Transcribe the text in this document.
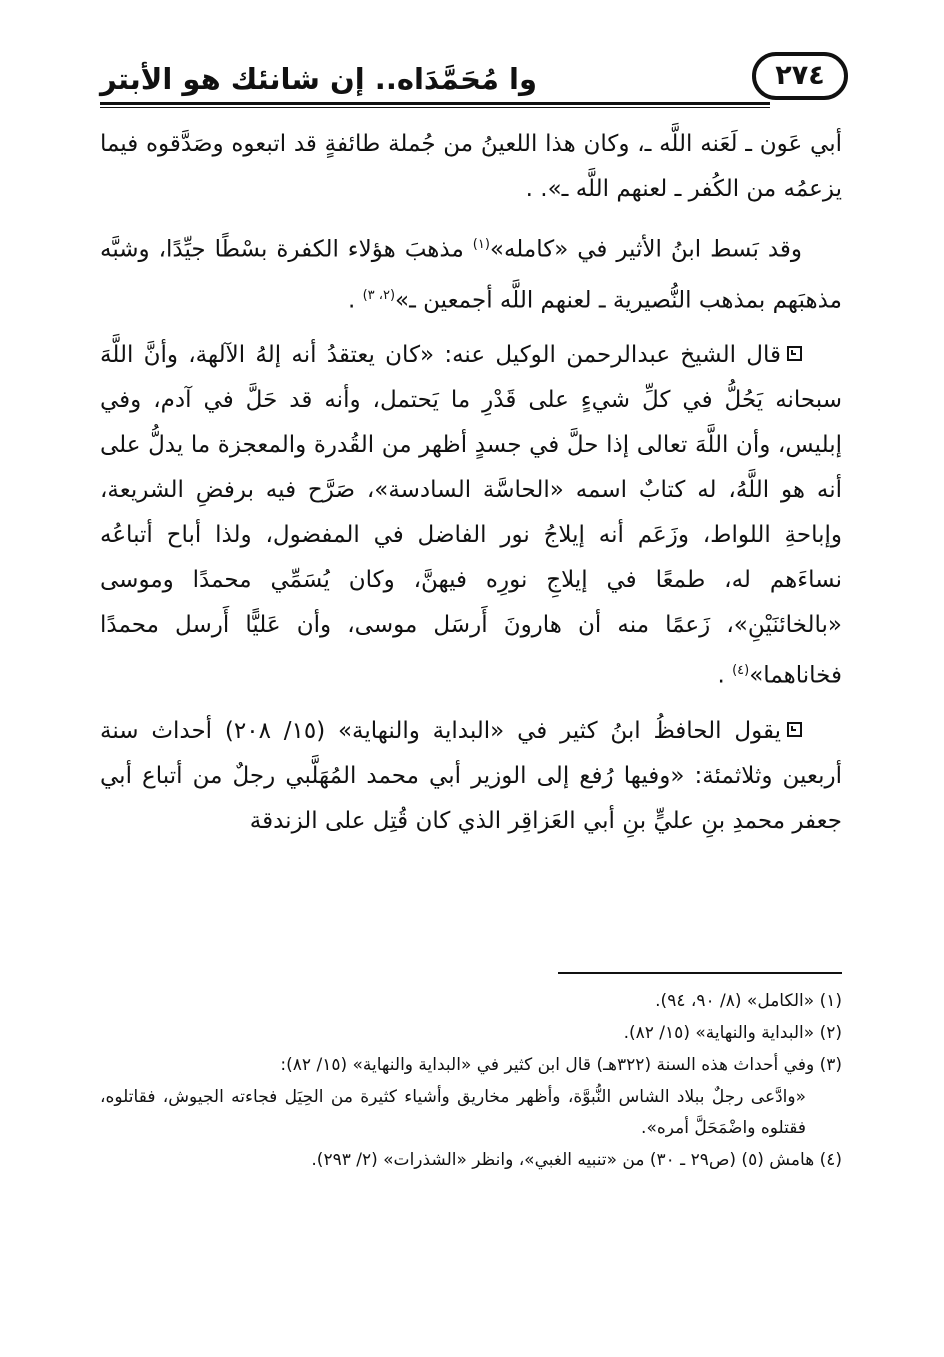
وا مُحَمَّدَاه.. إن شانئك هو الأبتر	٢٧٤

أبي عَون ـ لَعَنه اللَّه ـ، وكان هذا اللعينُ من جُملة طائفةٍ قد اتبعوه وصَدَّقوه فيما يزعمُه من الكُفر ـ لعنهم اللَّه ـ». .

وقد بَسط ابنُ الأثير في «كامله»$^{(١)}$ مذهبَ هؤلاء الكفرة بسْطًا جيِّدًا، وشبَّه مذهبَهم بمذهب النُّصيرية ـ لعنهم اللَّه أجمعين ـ»$^{(٢، ٣)}$ .

قال الشيخ عبدالرحمن الوكيل عنه: «كان يعتقدُ أنه إلهُ الآلهة، وأنَّ اللَّهَ سبحانه يَحُلُّ في كلِّ شيءٍ على قَدْرِ ما يَحتمل، وأنه قد حَلَّ في آدم، وفي إبليس، وأن اللَّهَ تعالى إذا حلَّ في جسدٍ أظهر من القُدرة والمعجزة ما يدلُّ على أنه هو اللَّهُ، له كتابٌ اسمه «الحاسَّة السادسة»، صَرَّح فيه برفضِ الشريعة، وإباحةِ اللواط، وزَعَم أنه إيلاجُ نور الفاضل في المفضول، ولذا أباح أتباعُه نساءَهم له، طمعًا في إيلاجِ نورِه فيهنَّ، وكان يُسَمِّي محمدًا وموسى «بالخائنَيْنِ»، زَعمًا منه أن هارونَ أَرسَل موسى، وأن عَليًّا أَرسل محمدًا فخاناهما»$^{(٤)}$ .

يقول الحافظُ ابنُ كثير في «البداية والنهاية» (١٥/ ٢٠٨) أحداث سنة أربعين وثلاثمئة: «وفيها رُفع إلى الوزير أبي محمد المُهَلَّبي رجلٌ من أتباع أبي جعفر محمدِ بنِ عليٍّ بنِ أبي العَزاقِر الذي كان قُتِل على الزندقة

(١) «الكامل» (٨/ ٩٠، ٩٤).

(٢) «البداية والنهاية» (١٥/ ٨٢).

(٣) وفي أحداث هذه السنة (٣٢٢هـ) قال ابن كثير في «البداية والنهاية» (١٥/ ٨٢):

«وادَّعى رجلٌ ببلاد الشاس النُّبوَّة، وأظهر مخاريق وأشياء كثيرة من الحِيَل فجاءته الجيوش، فقاتلوه، فقتلوه واضْمَحَلَّ أمره».

(٤) هامش (٥) (ص٢٩ ـ ٣٠) من «تنبيه الغبي»، وانظر «الشذرات» (٢/ ٢٩٣).
